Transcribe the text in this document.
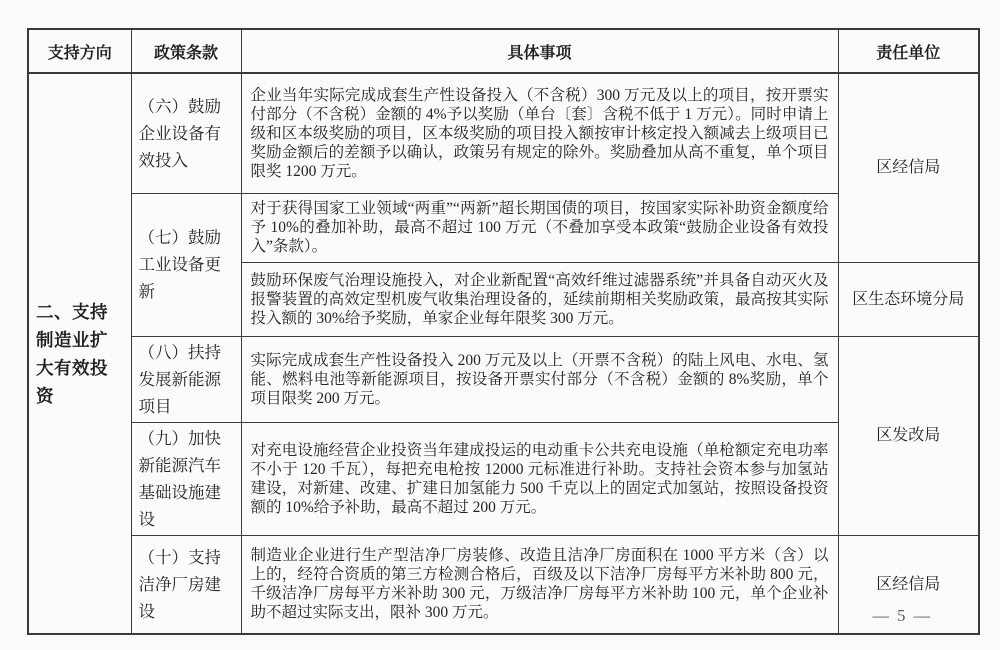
支持方向	政策条款	具体事项	责任单位
二、支持制造业扩大有效投资	（六）鼓励企业设备有效投入	企业当年实际完成成套生产性设备投入（不含税）300 万元及以上的项目，按开票实付部分（不含税）金额的 4%予以奖励（单台〔套〕含税不低于 1 万元）。同时申请上级和区本级奖励的项目，区本级奖励的项目投入额按审计核定投入额减去上级项目已奖励金额后的差额予以确认，政策另有规定的除外。奖励叠加从高不重复，单个项目限奖 1200 万元。	区经信局
	（七）鼓励工业设备更新	对于获得国家工业领域“两重”“两新”超长期国债的项目，按国家实际补助资金额度给予 10%的叠加补助，最高不超过 100 万元（不叠加享受本政策“鼓励企业设备有效投入”条款）。	
		鼓励环保废气治理设施投入，对企业新配置“高效纤维过滤器系统”并具备自动灭火及报警装置的高效定型机废气收集治理设备的，延续前期相关奖励政策，最高按其实际投入额的 30%给予奖励，单家企业每年限奖 300 万元。	区生态环境分局
	（八）扶持发展新能源项目	实际完成成套生产性设备投入 200 万元及以上（开票不含税）的陆上风电、水电、氢能、燃料电池等新能源项目，按设备开票实付部分（不含税）金额的 8%奖励，单个项目限奖 200 万元。	区发改局
	（九）加快新能源汽车基础设施建设	对充电设施经营企业投资当年建成投运的电动重卡公共充电设施（单枪额定充电功率不小于 120 千瓦），每把充电枪按 12000 元标准进行补助。支持社会资本参与加氢站建设，对新建、改建、扩建日加氢能力 500 千克以上的固定式加氢站，按照设备投资额的 10%给予补助，最高不超过 200 万元。	
	（十）支持洁净厂房建设	制造业企业进行生产型洁净厂房装修、改造且洁净厂房面积在 1000 平方米（含）以上的，经符合资质的第三方检测合格后，百级及以下洁净厂房每平方米补助 800 元，千级洁净厂房每平方米补助 300 元，万级洁净厂房每平方米补助 100 元，单个企业补助不超过实际支出，限补 300 万元。	区经信局
— 5 —
